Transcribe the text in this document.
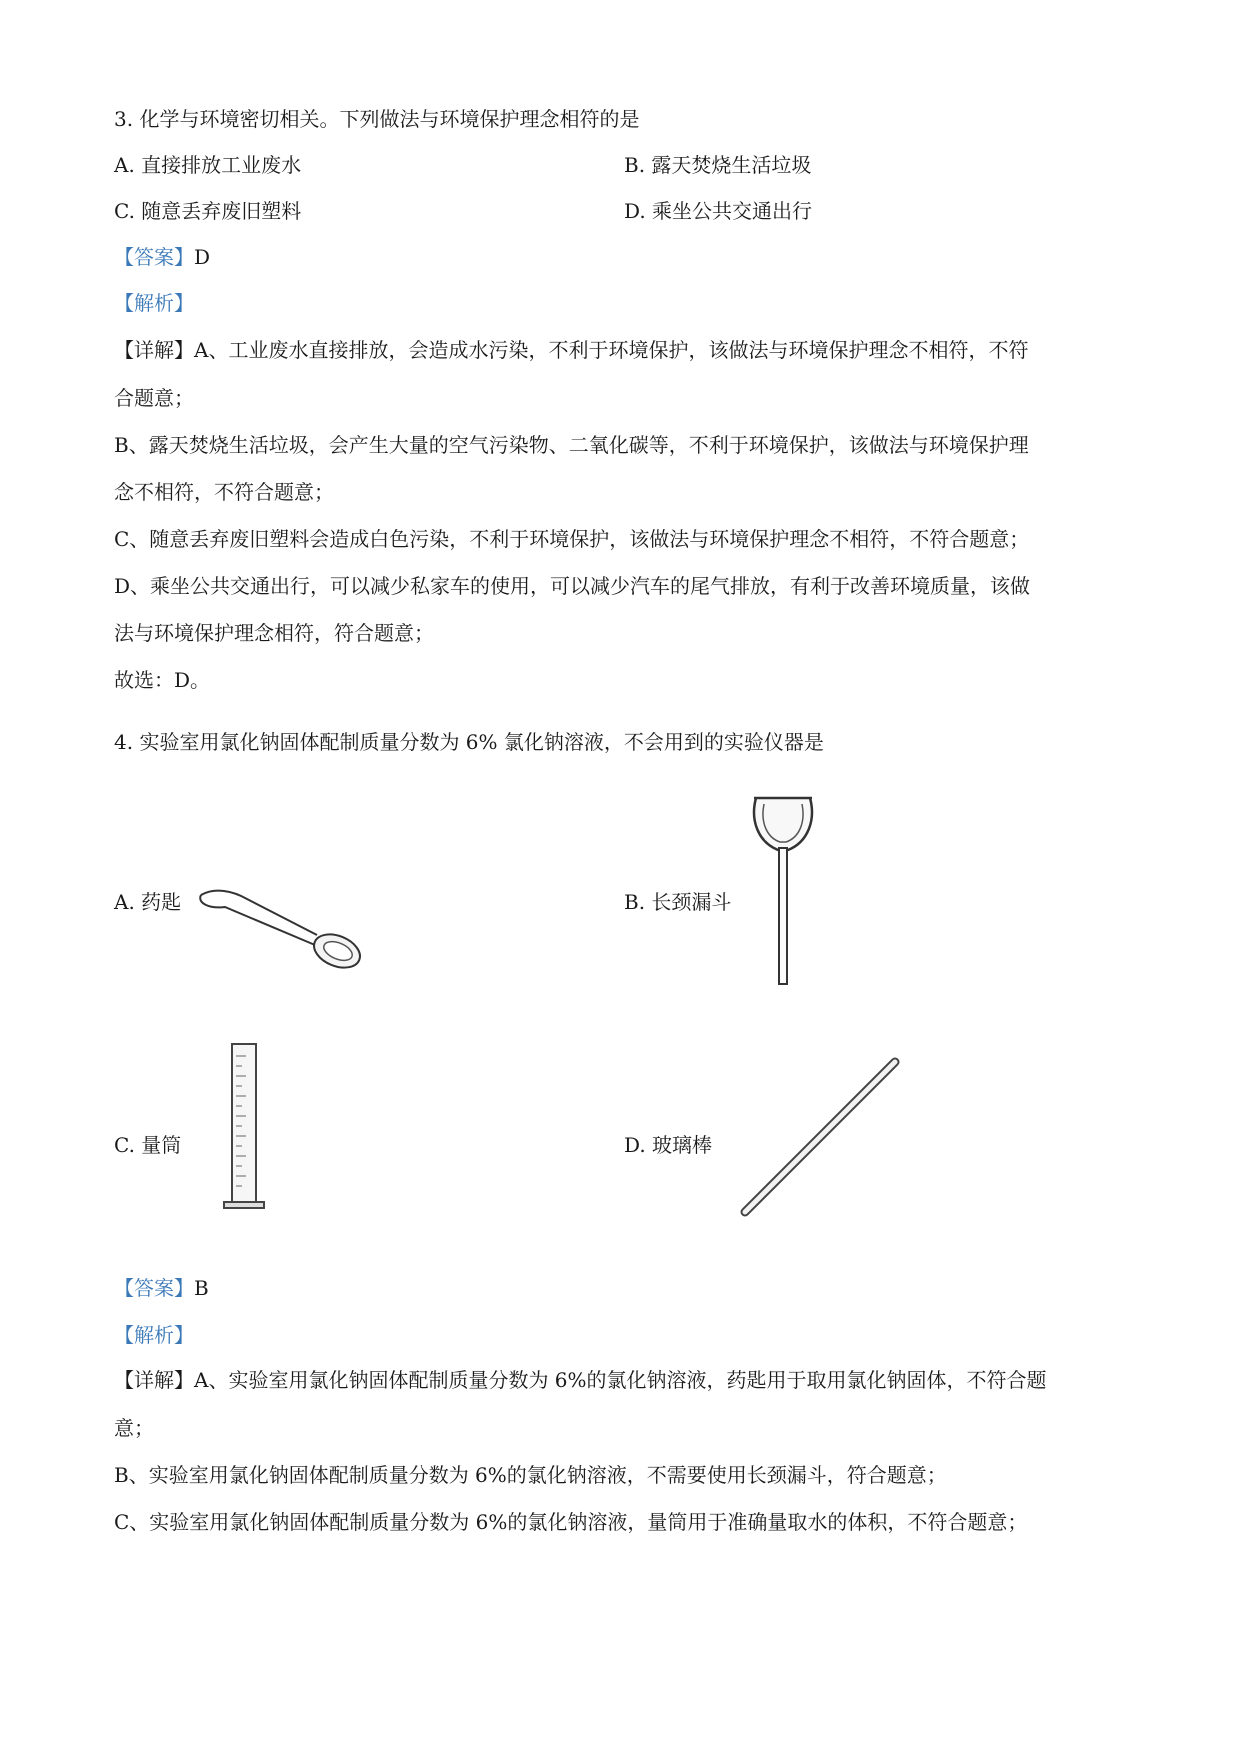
3. 化学与环境密切相关。下列做法与环境保护理念相符的是
A. 直接排放工业废水	B. 露天焚烧生活垃圾
C. 随意丢弃废旧塑料	D. 乘坐公共交通出行
【答案】D
【解析】
【详解】A、工业废水直接排放，会造成水污染，不利于环境保护，该做法与环境保护理念不相符，不符
合题意；
B、露天焚烧生活垃圾，会产生大量的空气污染物、二氧化碳等，不利于环境保护，该做法与环境保护理
念不相符，不符合题意；
C、随意丢弃废旧塑料会造成白色污染，不利于环境保护，该做法与环境保护理念不相符，不符合题意；
D、乘坐公共交通出行，可以减少私家车的使用，可以减少汽车的尾气排放，有利于改善环境质量，该做
法与环境保护理念相符，符合题意；
故选：D。
4. 实验室用氯化钠固体配制质量分数为 6% 氯化钠溶液，不会用到的实验仪器是
A. 药匙	B. 长颈漏斗
C. 量筒	D. 玻璃棒
【答案】B
【解析】
【详解】A、实验室用氯化钠固体配制质量分数为 6%的氯化钠溶液，药匙用于取用氯化钠固体，不符合题
意；
B、实验室用氯化钠固体配制质量分数为 6%的氯化钠溶液，不需要使用长颈漏斗，符合题意；
C、实验室用氯化钠固体配制质量分数为 6%的氯化钠溶液，量筒用于准确量取水的体积，不符合题意；
